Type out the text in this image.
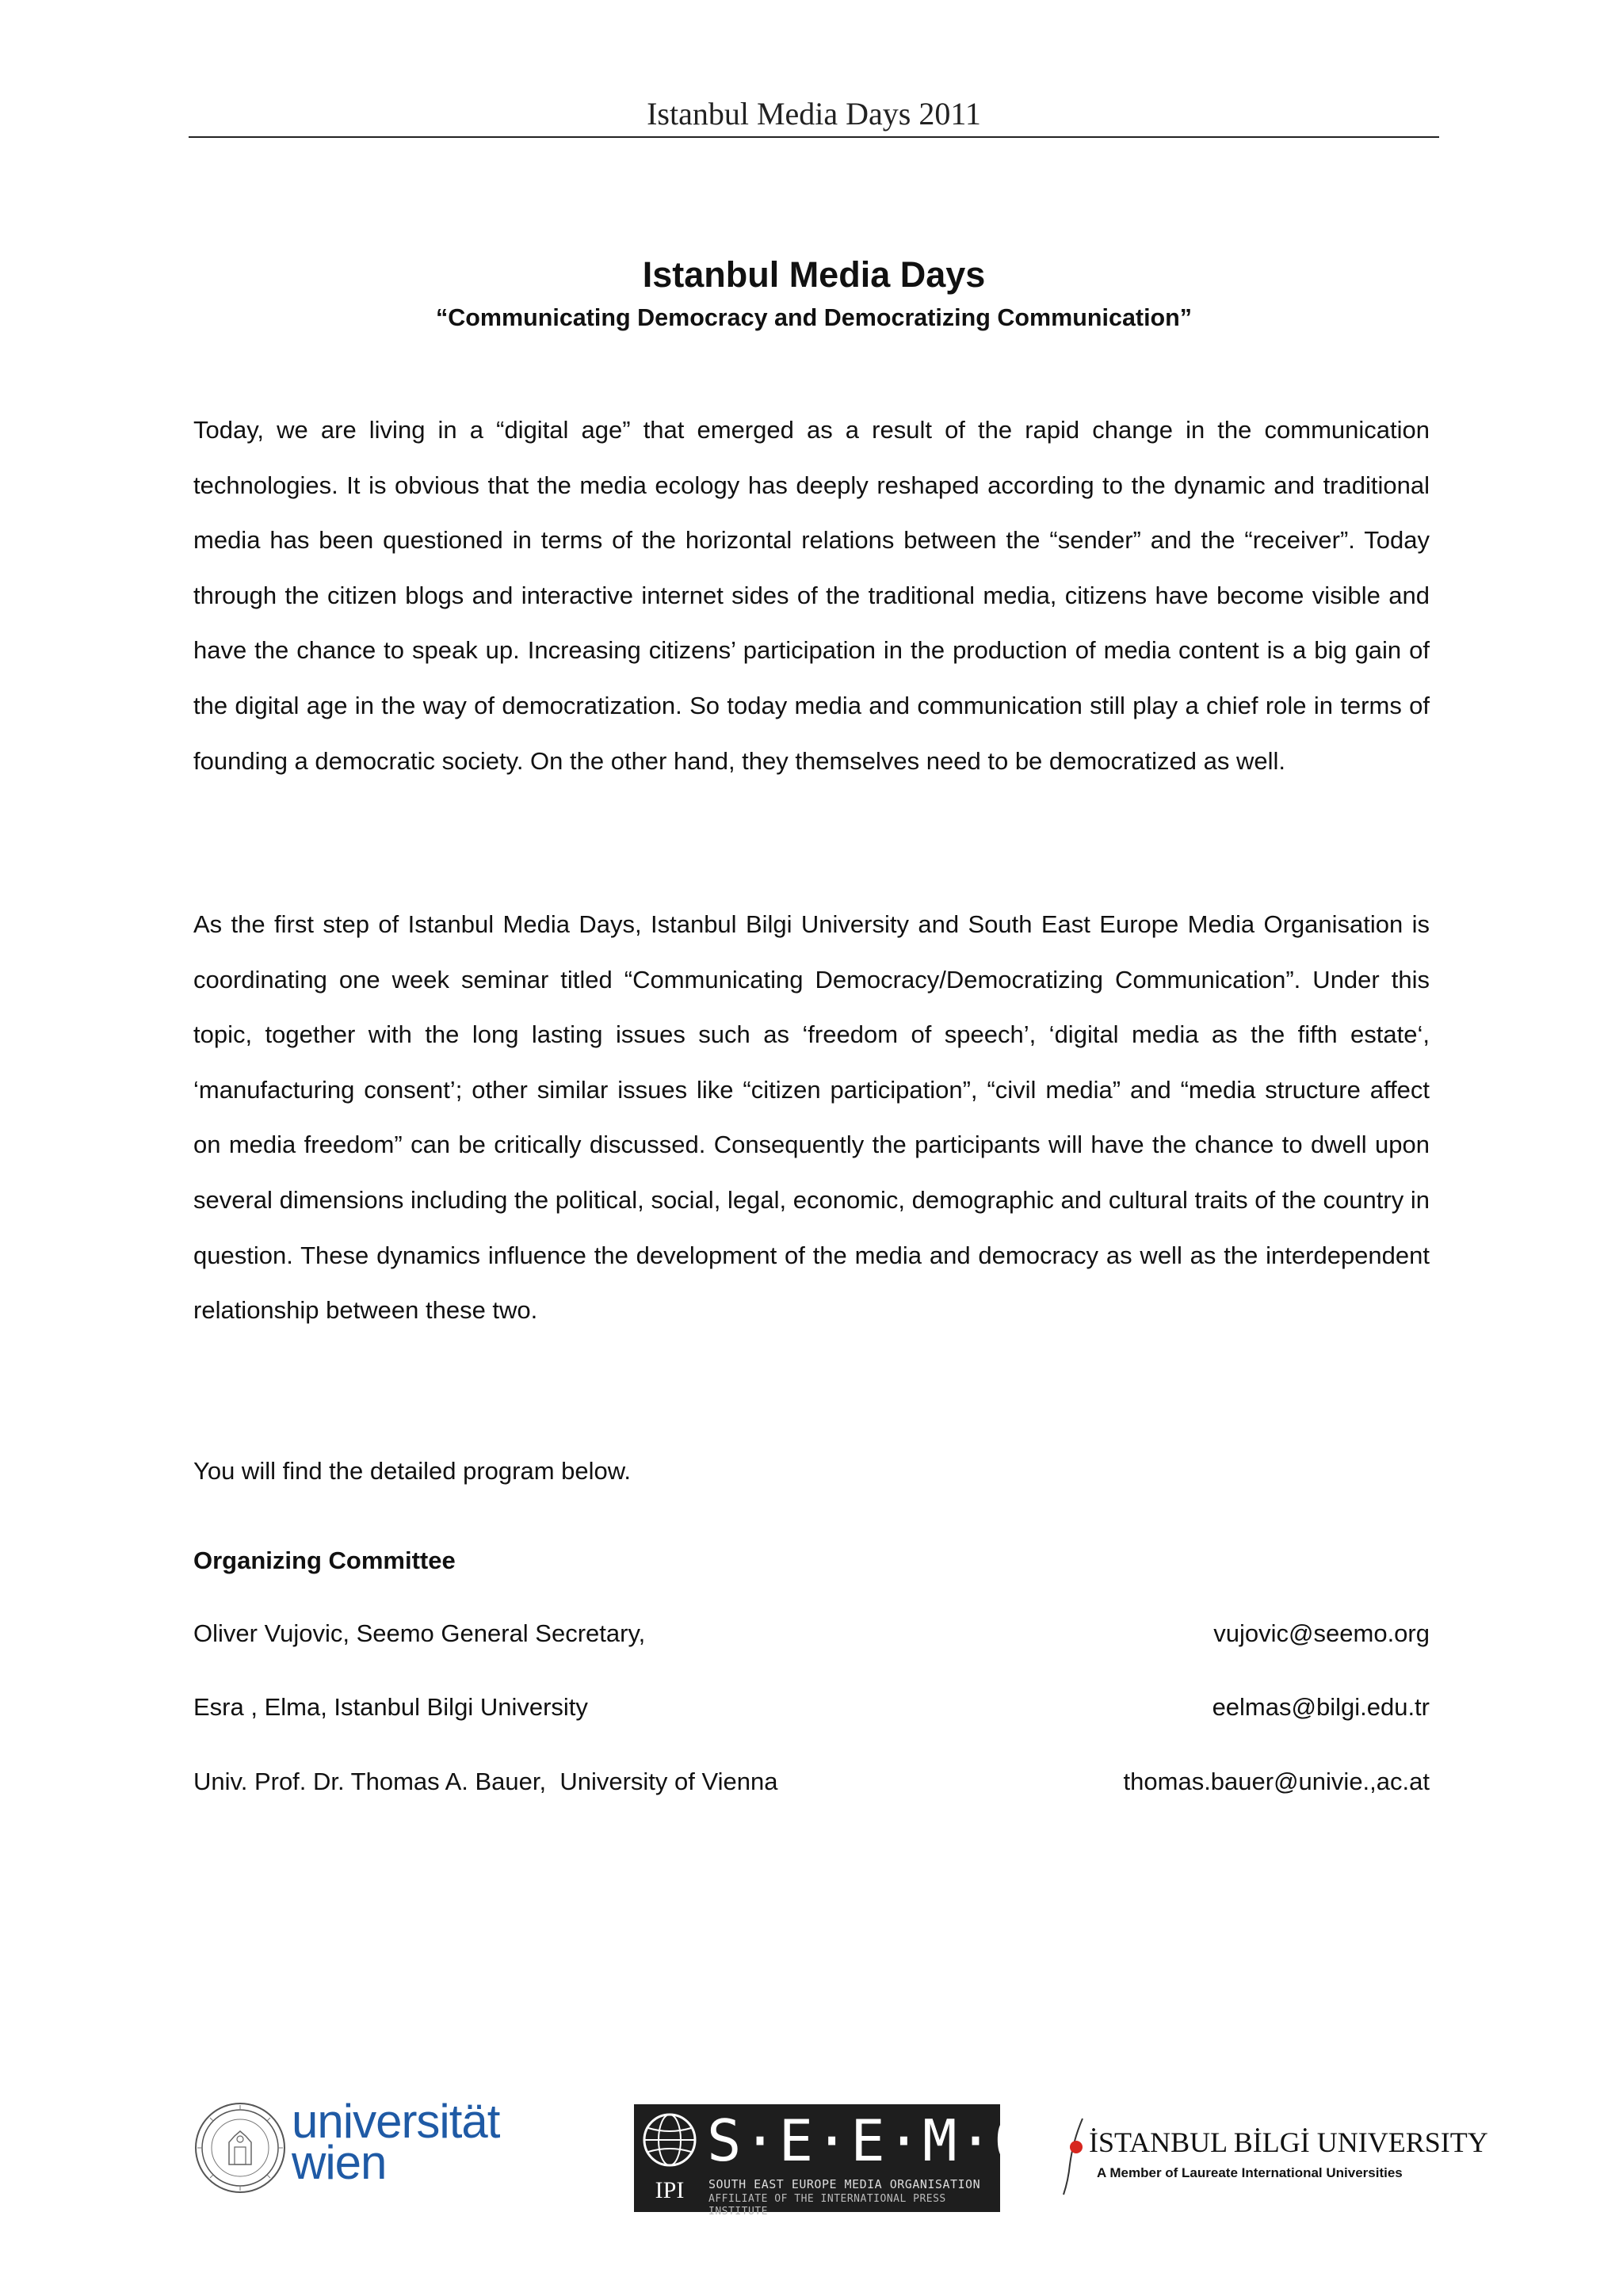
Istanbul Media Days 2011
Istanbul Media Days
“Communicating Democracy and Democratizing Communication”

Today, we are living in a “digital age” that emerged as a result of the rapid change in the communication technologies. It is obvious that the media ecology has deeply reshaped according to the dynamic and traditional media has been questioned in terms of the horizontal relations between the “sender” and the “receiver”. Today through the citizen blogs and interactive internet sides of the traditional media, citizens have become visible and have the chance to speak up. Increasing citizens’ participation in the production of media content is a big gain of the digital age in the way of democratization. So today media and communication still play a chief role in terms of founding a democratic society. On the other hand, they themselves need to be democratized as well.

As the first step of Istanbul Media Days, Istanbul Bilgi University and South East Europe Media Organisation is coordinating one week seminar titled “Communicating Democracy/Democratizing Communication”. Under this topic, together with the long lasting issues such as ‘freedom of speech’, ‘digital media as the fifth estate‘, ‘manufacturing consent’; other similar issues like “citizen participation”, “civil media” and “media structure affect on media freedom” can be critically discussed. Consequently the participants will have the chance to dwell upon several dimensions including the political, social, legal, economic, demographic and cultural traits of the country in question. These dynamics influence the development of the media and democracy as well as the interdependent relationship between these two.

You will find the detailed program below.

Organizing Committee
Oliver Vujovic, Seemo General Secretary,	vujovic@seemo.org
Esra , Elma, Istanbul Bilgi University	eelmas@bilgi.edu.tr
Univ. Prof. Dr. Thomas A. Bauer,  University of Vienna	thomas.bauer@univie.,ac.at
universität
wien
IPI
S·E·E·M·O
SOUTH EAST EUROPE MEDIA ORGANISATION
AFFILIATE OF THE INTERNATIONAL PRESS INSTITUTE
İSTANBUL BİLGİ UNIVERSITY
A Member of Laureate International Universities
